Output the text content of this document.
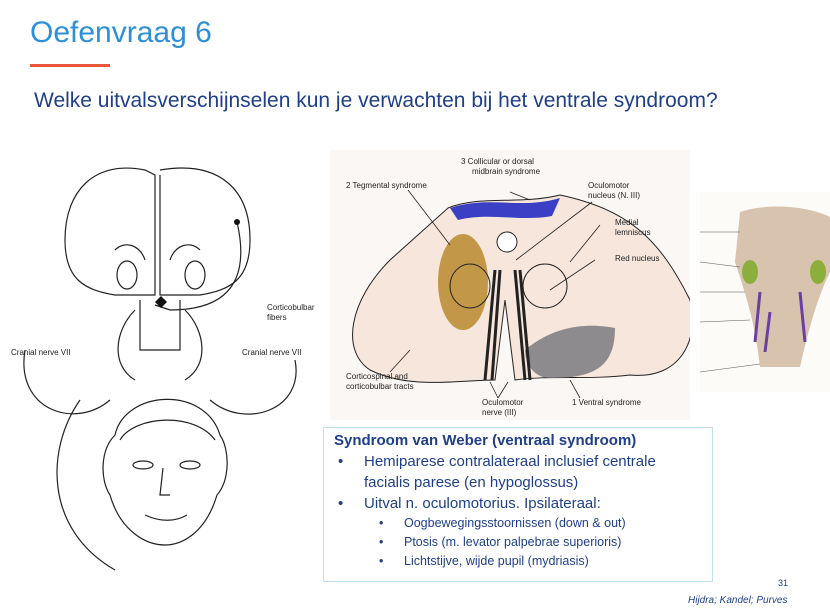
Oefenvraag 6
Welke uitvalsverschijnselen kun je verwachten bij het ventrale syndroom?
Corticobulbar fibers
Cranial nerve VII	Cranial nerve VII
3 Collicular or dorsal midbrain syndrome
2 Tegmental syndrome	Oculomotor nucleus (N. III)
Medial lemniscus
Red nucleus
Corticospinal and corticobulbar tracts
Oculomotor nerve (III)
1 Ventral syndrome
Syndroom van Weber (ventraal syndroom)
• Hemiparese contralateraal inclusief centrale facialis parese (en hypoglossus)
• Uitval n. oculomotorius. Ipsilateraal:
• Oogbewegingsstoornissen (down & out)
• Ptosis (m. levator palpebrae superioris)
• Lichtstijve, wijde pupil (mydriasis)
31
Hijdra; Kandel; Purves
